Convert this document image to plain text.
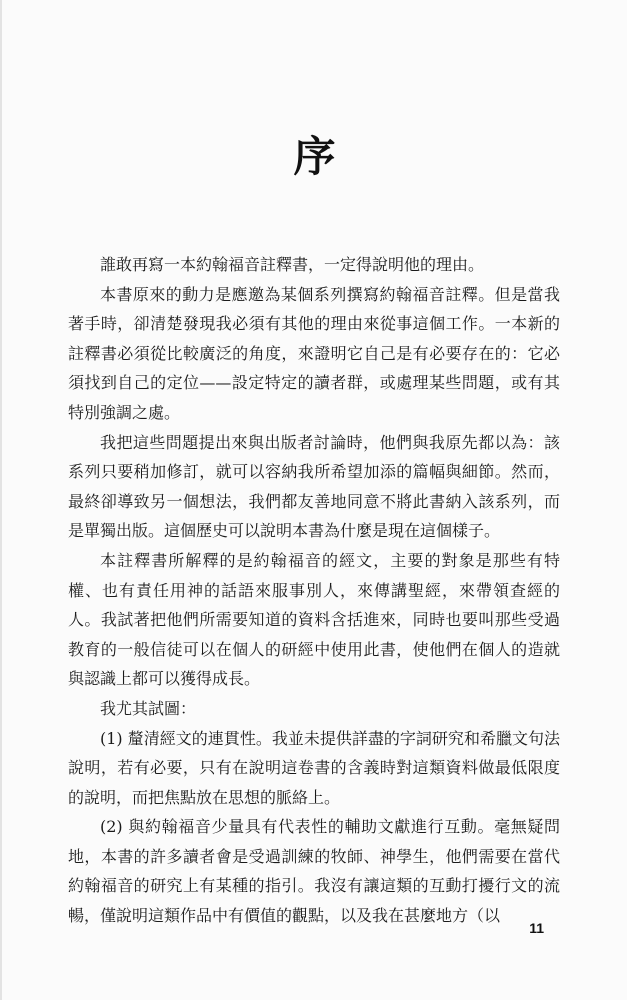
序

誰敢再寫一本約翰福音註釋書，一定得說明他的理由。

本書原來的動力是應邀為某個系列撰寫約翰福音註釋。但是當我著手時，卻清楚發現我必須有其他的理由來從事這個工作。一本新的註釋書必須從比較廣泛的角度，來證明它自己是有必要存在的：它必須找到自己的定位——設定特定的讀者群，或處理某些問題，或有其特別強調之處。

我把這些問題提出來與出版者討論時，他們與我原先都以為：該系列只要稍加修訂，就可以容納我所希望加添的篇幅與細節。然而，最終卻導致另一個想法，我們都友善地同意不將此書納入該系列，而是單獨出版。這個歷史可以說明本書為什麼是現在這個樣子。

本註釋書所解釋的是約翰福音的經文，主要的對象是那些有特權、也有責任用神的話語來服事別人，來傳講聖經，來帶領查經的人。我試著把他們所需要知道的資料含括進來，同時也要叫那些受過教育的一般信徒可以在個人的研經中使用此書，使他們在個人的造就與認識上都可以獲得成長。

我尤其試圖：

(1) 釐清經文的連貫性。我並未提供詳盡的字詞研究和希臘文句法說明，若有必要，只有在說明這卷書的含義時對這類資料做最低限度的說明，而把焦點放在思想的脈絡上。

(2) 與約翰福音少量具有代表性的輔助文獻進行互動。毫無疑問地，本書的許多讀者會是受過訓練的牧師、神學生，他們需要在當代約翰福音的研究上有某種的指引。我沒有讓這類的互動打擾行文的流暢，僅說明這類作品中有價值的觀點，以及我在甚麼地方（以

11
